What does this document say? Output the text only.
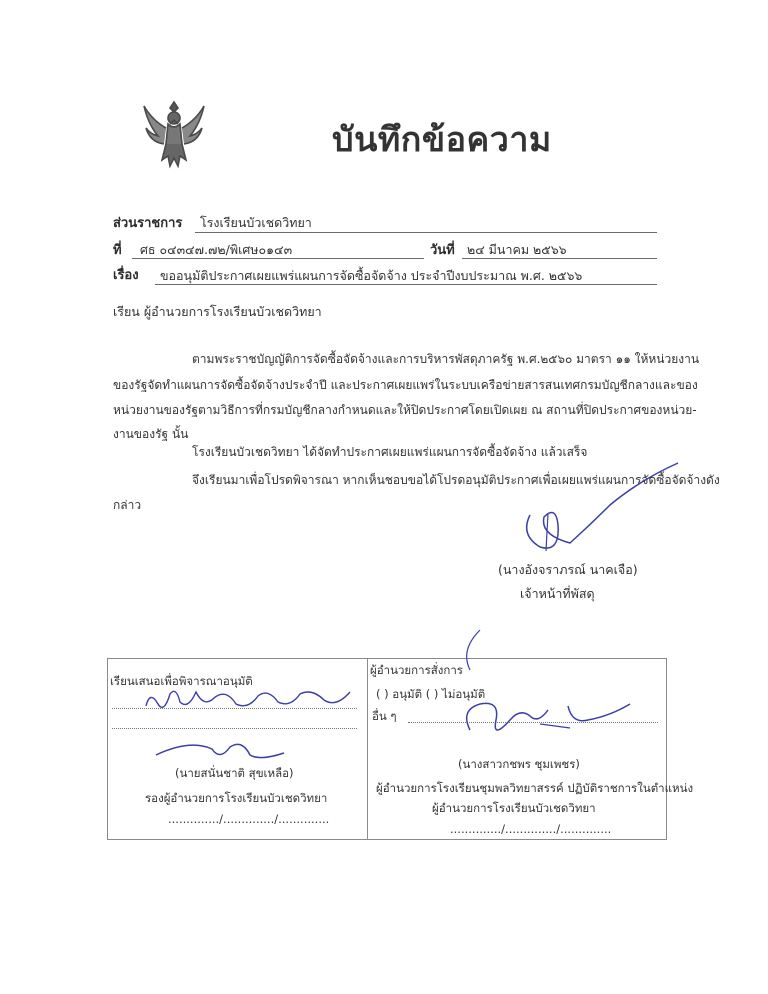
บันทึกข้อความ
ส่วนราชการ โรงเรียนบัวเชดวิทยา
ที่ ศธ ๐๔๓๔๗.๗๒/พิเศษ๐๑๔๓	วันที่ ๒๔ มีนาคม ๒๕๖๖
เรื่อง ขออนุมัติประกาศเผยแพร่แผนการจัดซื้อจัดจ้าง ประจำปีงบประมาณ พ.ศ. ๒๕๖๖
เรียน ผู้อำนวยการโรงเรียนบัวเชดวิทยา
ตามพระราชบัญญัติการจัดซื้อจัดจ้างและการบริหารพัสดุภาครัฐ พ.ศ.๒๕๖๐ มาตรา ๑๑ ให้หน่วยงาน
ของรัฐจัดทำแผนการจัดซื้อจัดจ้างประจำปี และประกาศเผยแพร่ในระบบเครือข่ายสารสนเทศกรมบัญชีกลางและของ
หน่วยงานของรัฐตามวิธีการที่กรมบัญชีกลางกำหนดและให้ปิดประกาศโดยเปิดเผย ณ สถานที่ปิดประกาศของหน่วย-
งานของรัฐ นั้น
โรงเรียนบัวเชดวิทยา ได้จัดทำประกาศเผยแพร่แผนการจัดซื้อจัดจ้าง แล้วเสร็จ
จึงเรียนมาเพื่อโปรดพิจารณา หากเห็นชอบขอได้โปรดอนุมัติประกาศเพื่อเผยแพร่แผนการจัดซื้อจัดจ้างดัง
กล่าว
(นางอังจราภรณ์ นาคเจือ)
เจ้าหน้าที่พัสดุ
เรียนเสนอเพื่อพิจารณาอนุมัติ
(นายสนั่นชาติ สุขเหลือ)
รองผู้อำนวยการโรงเรียนบัวเชดวิทยา
............../............../..............
ผู้อำนวยการสั่งการ
( ) อนุมัติ ( ) ไม่อนุมัติ
อื่น ๆ
(นางสาวกชพร ชุมเพชร)
ผู้อำนวยการโรงเรียนชุมพลวิทยาสรรค์ ปฏิบัติราชการในตำแหน่ง
ผู้อำนวยการโรงเรียนบัวเชดวิทยา
............../............../..............
